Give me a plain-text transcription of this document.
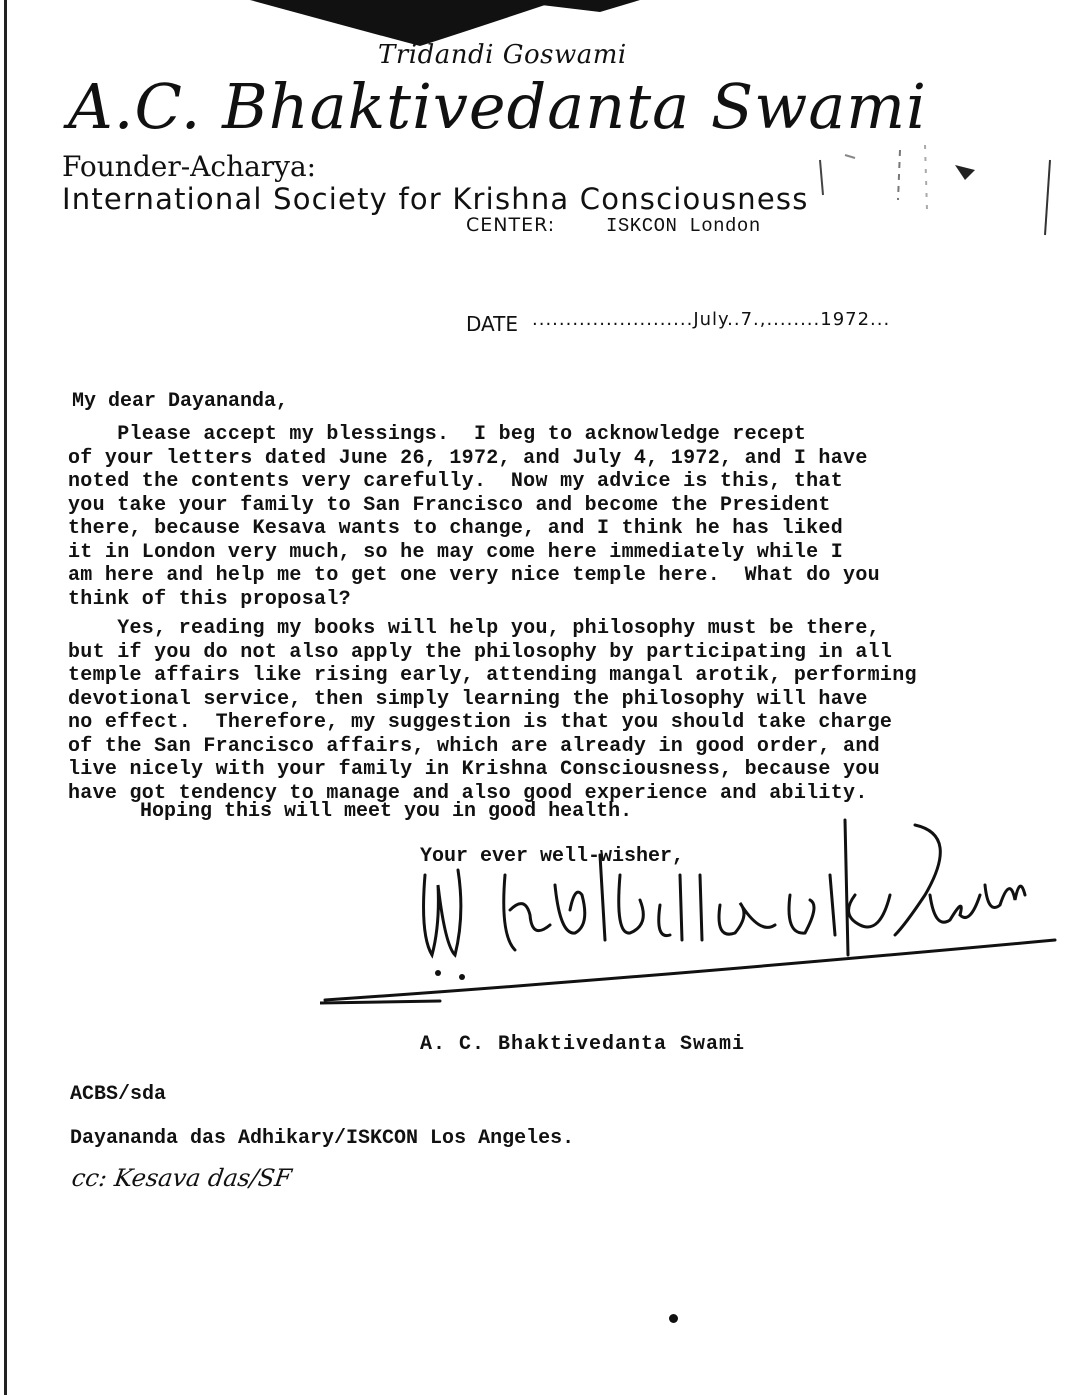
Tridandi Goswami
A.C. Bhaktivedanta Swami
Founder-Acharya:
International Society for Krishna Consciousness
CENTER:	ISKCON London
DATE ........................July..7.,........1972...
My dear Dayananda,
Please accept my blessings.  I beg to acknowledge recept
of your letters dated June 26, 1972, and July 4, 1972, and I have
noted the contents very carefully.  Now my advice is this, that
you take your family to San Francisco and become the President
there, because Kesava wants to change, and I think he has liked
it in London very much, so he may come here immediately while I
am here and help me to get one very nice temple here.  What do you
think of this proposal?
Yes, reading my books will help you, philosophy must be there,
but if you do not also apply the philosophy by participating in all
temple affairs like rising early, attending mangal arotik, performing
devotional service, then simply learning the philosophy will have
no effect.  Therefore, my suggestion is that you should take charge
of the San Francisco affairs, which are already in good order, and
live nicely with your family in Krishna Consciousness, because you
have got tendency to manage and also good experience and ability.
Hoping this will meet you in good health.
Your ever well-wisher,
A. C. Bhaktivedanta Swami
ACBS/sda
Dayananda das Adhikary/ISKCON Los Angeles.
cc: Kesava das/SF
